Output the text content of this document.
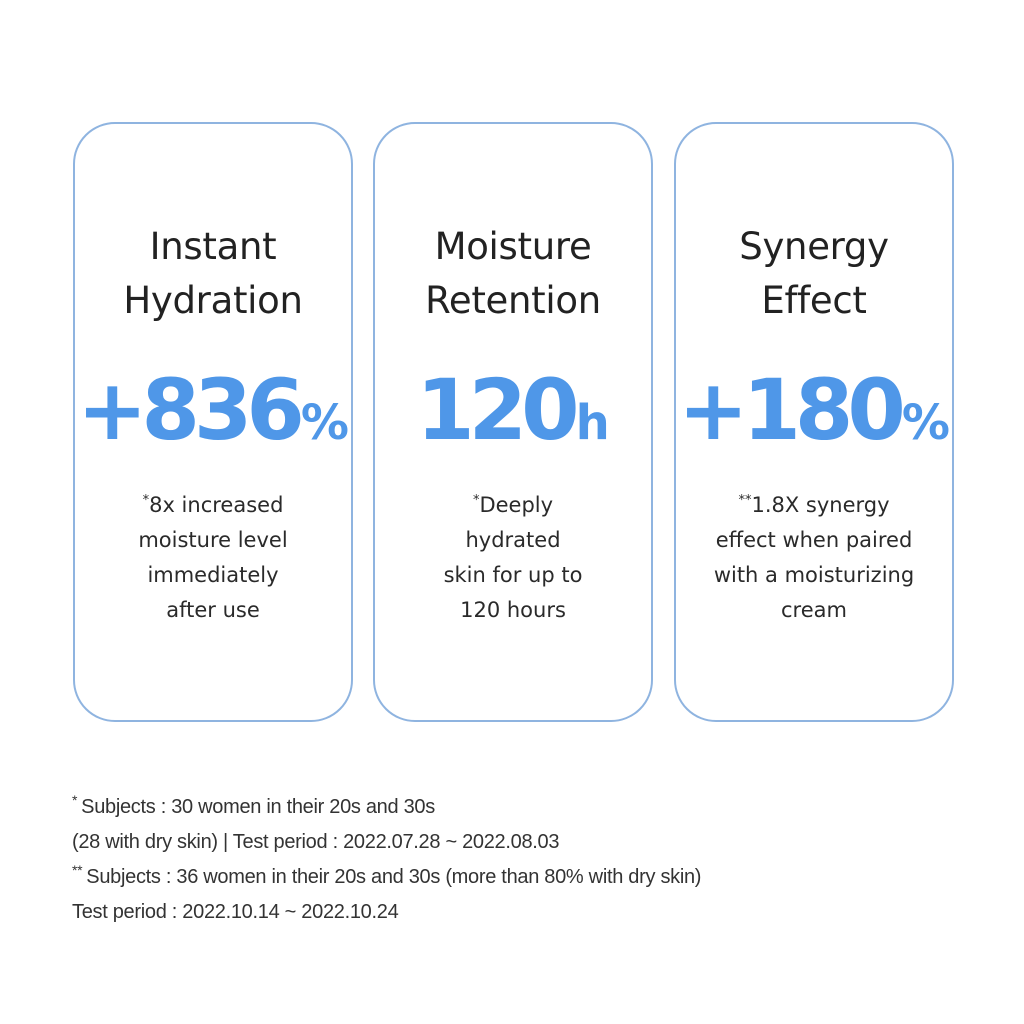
Instant
Hydration
+836%
*8x increased
moisture level
immediately
after use
Moisture
Retention
120h
*Deeply
hydrated
skin for up to
120 hours
Synergy
Effect
+180%
**1.8X synergy
effect when paired
with a moisturizing
cream
* Subjects : 30 women in their 20s and 30s
(28 with dry skin) | Test period : 2022.07.28 ~ 2022.08.03
** Subjects : 36 women in their 20s and 30s (more than 80% with dry skin)
Test period : 2022.10.14 ~ 2022.10.24
